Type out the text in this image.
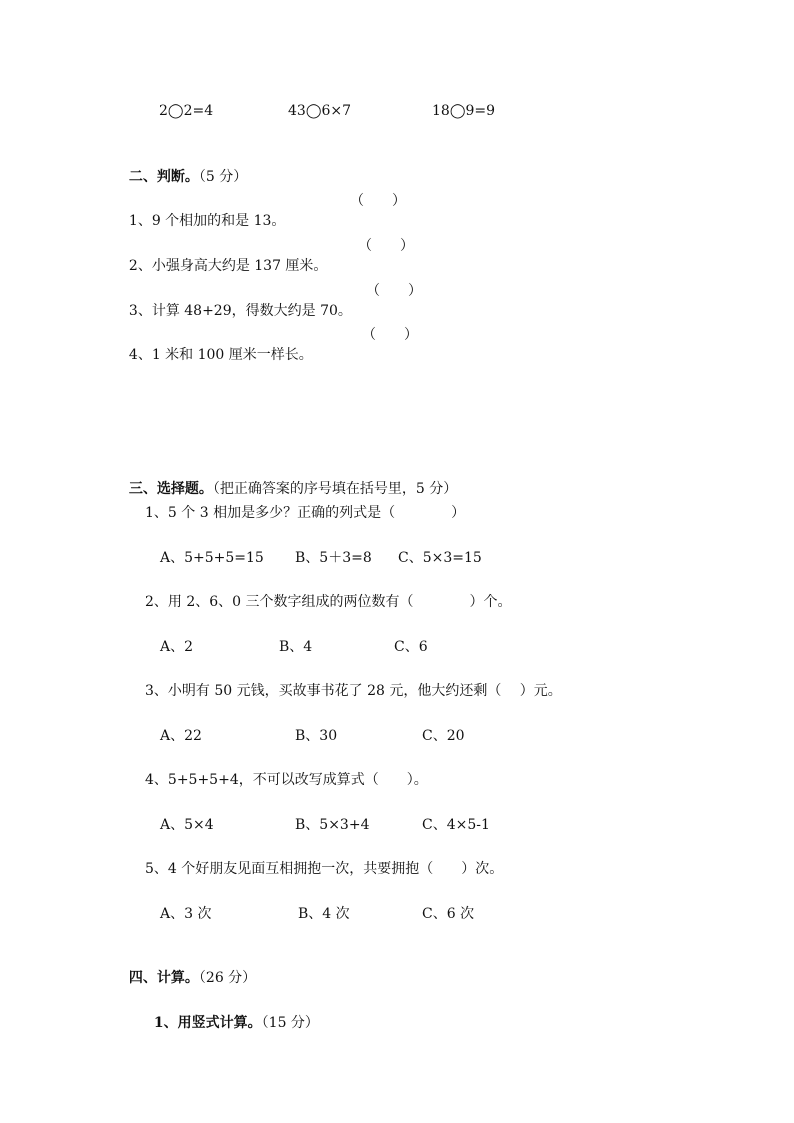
2◯2=4	43◯6×7	18◯9=9

二、判断。（5 分）

1、9 个相加的和是 13。

（　　）

2、小强身高大约是 137 厘米。

（　　）

3、计算 48+29，得数大约是 70。

（　　）

4、1 米和 100 厘米一样长。

（　　）

三、选择题。（把正确答案的序号填在括号里，5 分）

1、5 个 3 相加是多少？正确的列式是（　　　　）
A、5+5+5=15 B、5＋3=8 C、5×3=15
2、用 2、6、0 三个数字组成的两位数有（　　　　）个。
A、2	B、4	C、6
3、小明有 50 元钱，买故事书花了 28 元，他大约还剩（　 ）元。
A、22	B、30	C、20
4、5+5+5+4，不可以改写成算式（　　）。
A、5×4	B、5×3+4	C、4×5-1
5、4 个好朋友见面互相拥抱一次，共要拥抱（　　）次。
A、3 次	B、4 次	C、6 次

四、计算。（26 分）

1、用竖式计算。（15 分）
